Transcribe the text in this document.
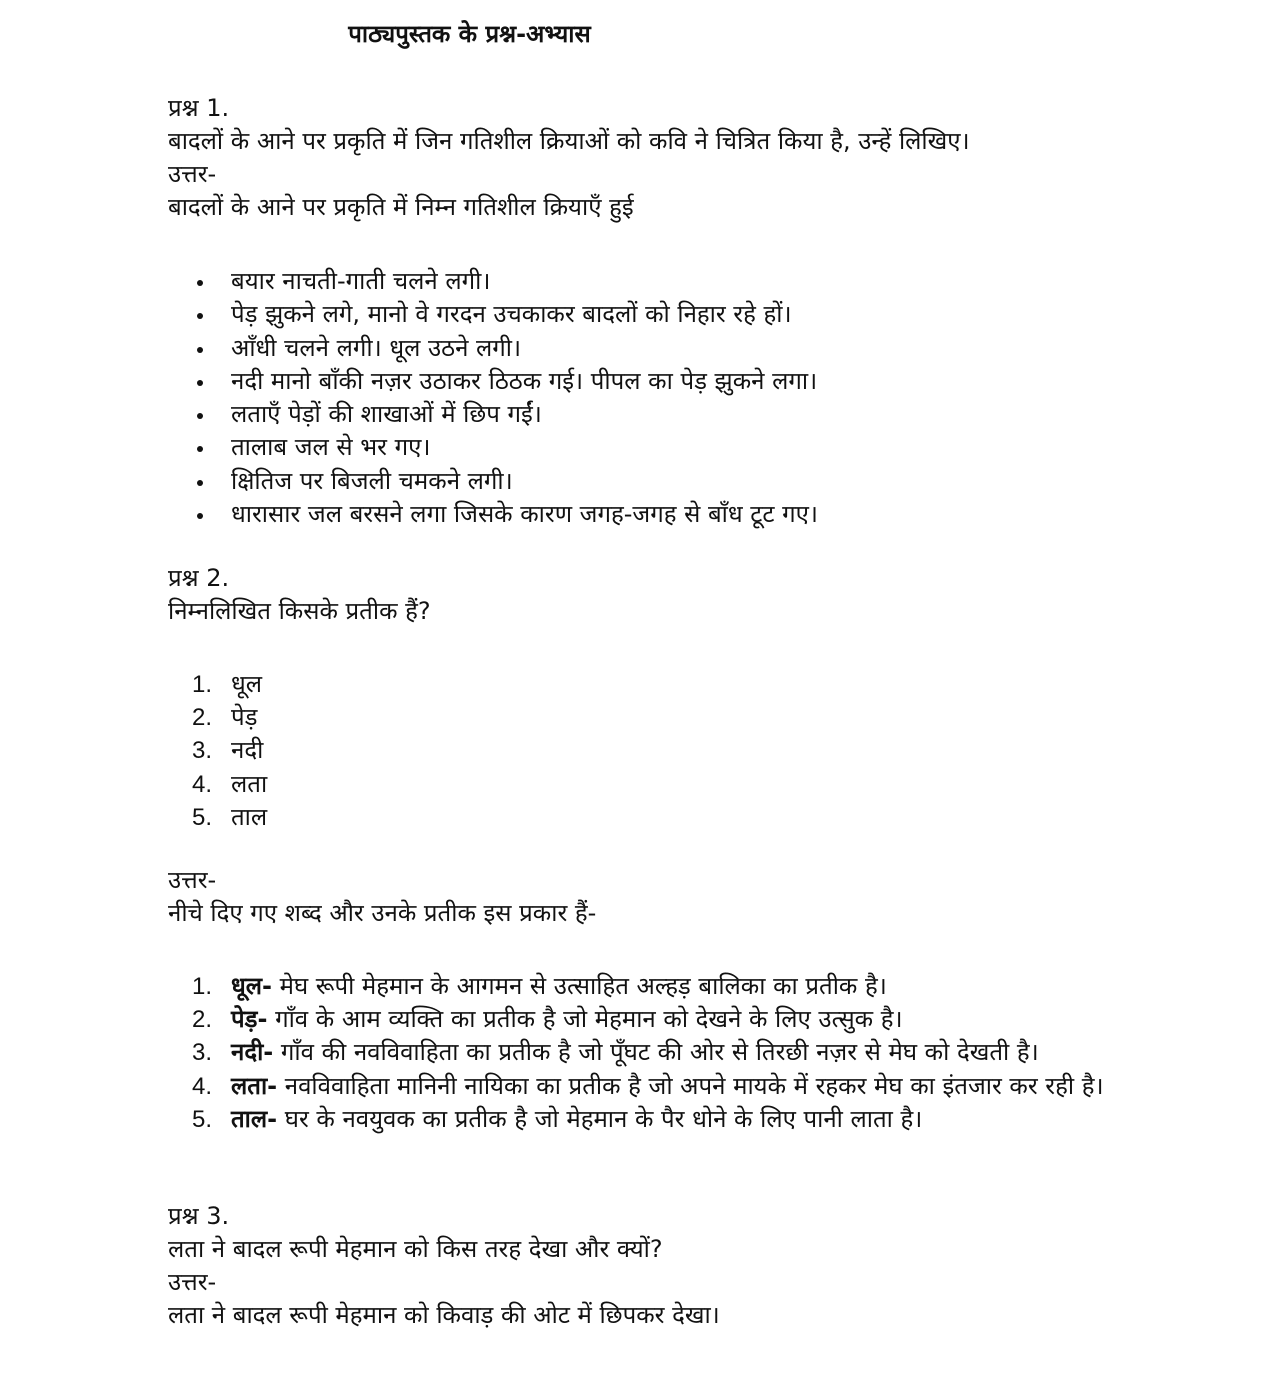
पाठ्यपुस्तक के प्रश्न-अभ्यास
प्रश्न 1.
बादलों के आने पर प्रकृति में जिन गतिशील क्रियाओं को कवि ने चित्रित किया है, उन्हें लिखिए।
उत्तर-
बादलों के आने पर प्रकृति में निम्न गतिशील क्रियाएँ हुई
बयार नाचती-गाती चलने लगी।
पेड़ झुकने लगे, मानो वे गरदन उचकाकर बादलों को निहार रहे हों।
आँधी चलने लगी। धूल उठने लगी।
नदी मानो बाँकी नज़र उठाकर ठिठक गई। पीपल का पेड़ झुकने लगा।
लताएँ पेड़ों की शाखाओं में छिप गईं।
तालाब जल से भर गए।
क्षितिज पर बिजली चमकने लगी।
धारासार जल बरसने लगा जिसके कारण जगह-जगह से बाँध टूट गए।
प्रश्न 2.
निम्नलिखित किसके प्रतीक हैं?
1. धूल
2. पेड़
3. नदी
4. लता
5. ताल
उत्तर-
नीचे दिए गए शब्द और उनके प्रतीक इस प्रकार हैं-
1. धूल- मेघ रूपी मेहमान के आगमन से उत्साहित अल्हड़ बालिका का प्रतीक है।
2. पेड़- गाँव के आम व्यक्ति का प्रतीक है जो मेहमान को देखने के लिए उत्सुक है।
3. नदी- गाँव की नवविवाहिता का प्रतीक है जो पूँघट की ओर से तिरछी नज़र से मेघ को देखती है।
4. लता- नवविवाहिता मानिनी नायिका का प्रतीक है जो अपने मायके में रहकर मेघ का इंतजार कर रही है।
5. ताल- घर के नवयुवक का प्रतीक है जो मेहमान के पैर धोने के लिए पानी लाता है।
प्रश्न 3.
लता ने बादल रूपी मेहमान को किस तरह देखा और क्यों?
उत्तर-
लता ने बादल रूपी मेहमान को किवाड़ की ओट में छिपकर देखा।
